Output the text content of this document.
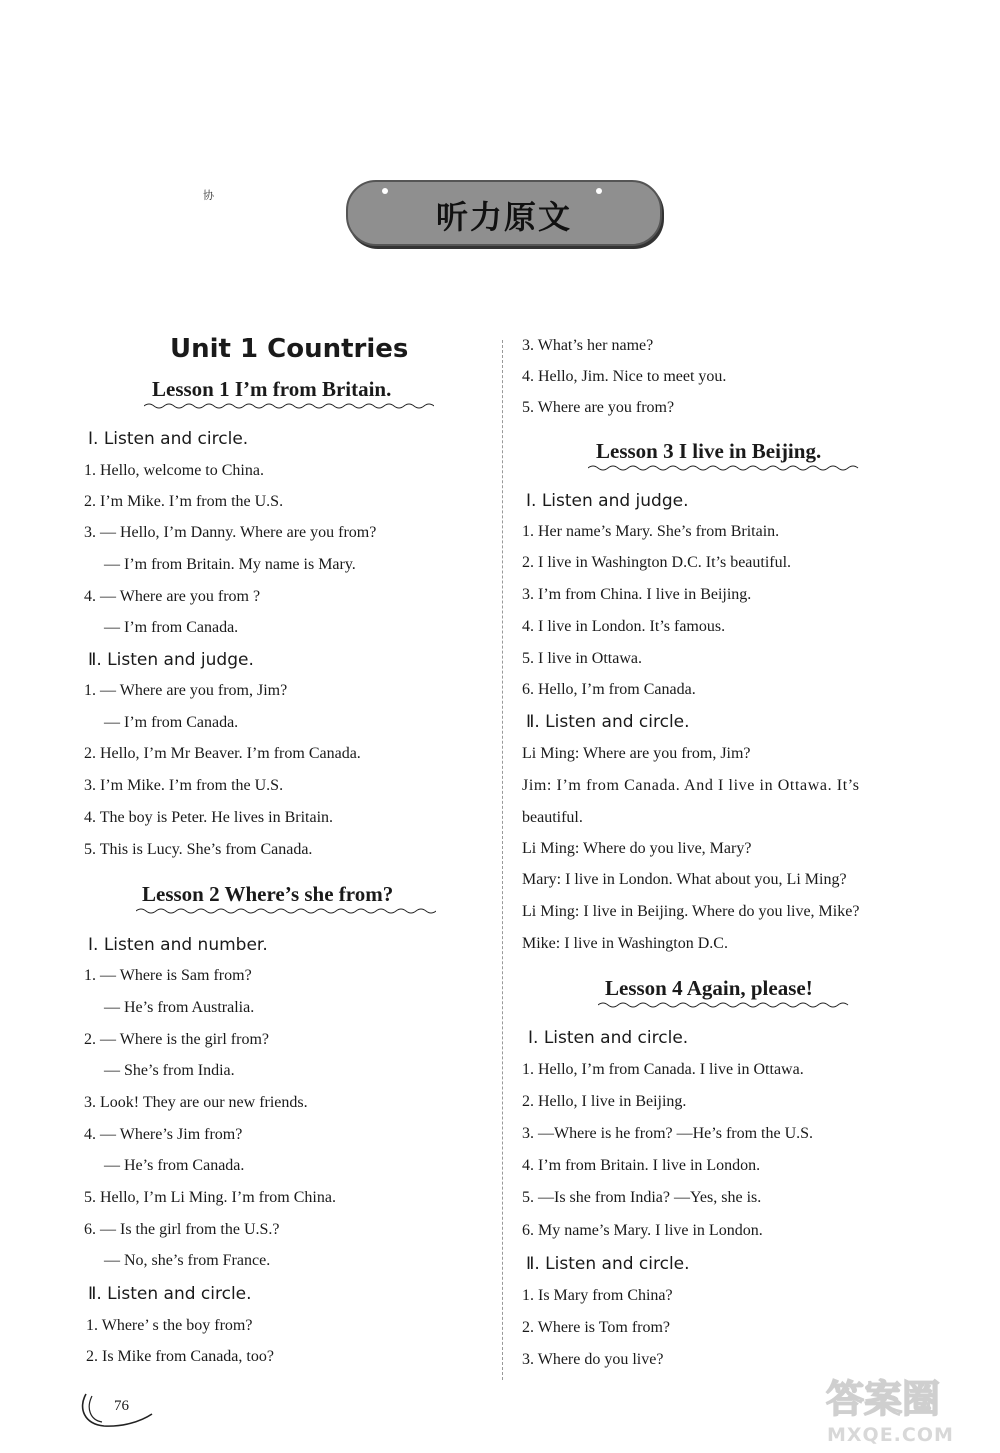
听力原文
协
Unit 1 Countries
Lesson 1 I’m from Britain.
Lesson 2 Where’s she from?
Lesson 3 I live in Beijing.
Lesson 4 Again, please!
Ⅰ. Listen and circle.
1. Hello, welcome to China.
2. I’m Mike. I’m from the U.S.
3. — Hello, I’m Danny. Where are you from?
— I’m from Britain. My name is Mary.
4. — Where are you from ?
— I’m from Canada.
Ⅱ. Listen and judge.
1. — Where are you from, Jim?
— I’m from Canada.
2. Hello, I’m Mr Beaver. I’m from Canada.
3. I’m Mike. I’m from the U.S.
4. The boy is Peter. He lives in Britain.
5. This is Lucy. She’s from Canada.
Ⅰ. Listen and number.
1. — Where is Sam from?
— He’s from Australia.
2. — Where is the girl from?
— She’s from India.
3. Look! They are our new friends.
4. — Where’s Jim from?
— He’s from Canada.
5. Hello, I’m Li Ming. I’m from China.
6. — Is the girl from the U.S.?
— No, she’s from France.
Ⅱ. Listen and circle.
1. Where’ s the boy from?
2. Is Mike from Canada, too?
3. What’s her name?
4. Hello, Jim. Nice to meet you.
5. Where are you from?
Ⅰ. Listen and judge.
1. Her name’s Mary. She’s from Britain.
2. I live in Washington D.C. It’s beautiful.
3. I’m from China. I live in Beijing.
4. I live in London. It’s famous.
5. I live in Ottawa.
6. Hello, I’m from Canada.
Ⅱ. Listen and circle.
Li Ming: Where are you from, Jim?
Jim: I’m from Canada. And I live in Ottawa. It’s
beautiful.
Li Ming: Where do you live, Mary?
Mary: I live in London. What about you, Li Ming?
Li Ming: I live in Beijing. Where do you live, Mike?
Mike: I live in Washington D.C.
Ⅰ. Listen and circle.
1. Hello, I’m from Canada. I live in Ottawa.
2. Hello, I live in Beijing.
3. —Where is he from? —He’s from the U.S.
4. I’m from Britain. I live in London.
5. —Is she from India? —Yes, she is.
6. My name’s Mary. I live in London.
Ⅱ. Listen and circle.
1. Is Mary from China?
2. Where is Tom from?
3. Where do you live?
76	答案圈
MXQE.COM
